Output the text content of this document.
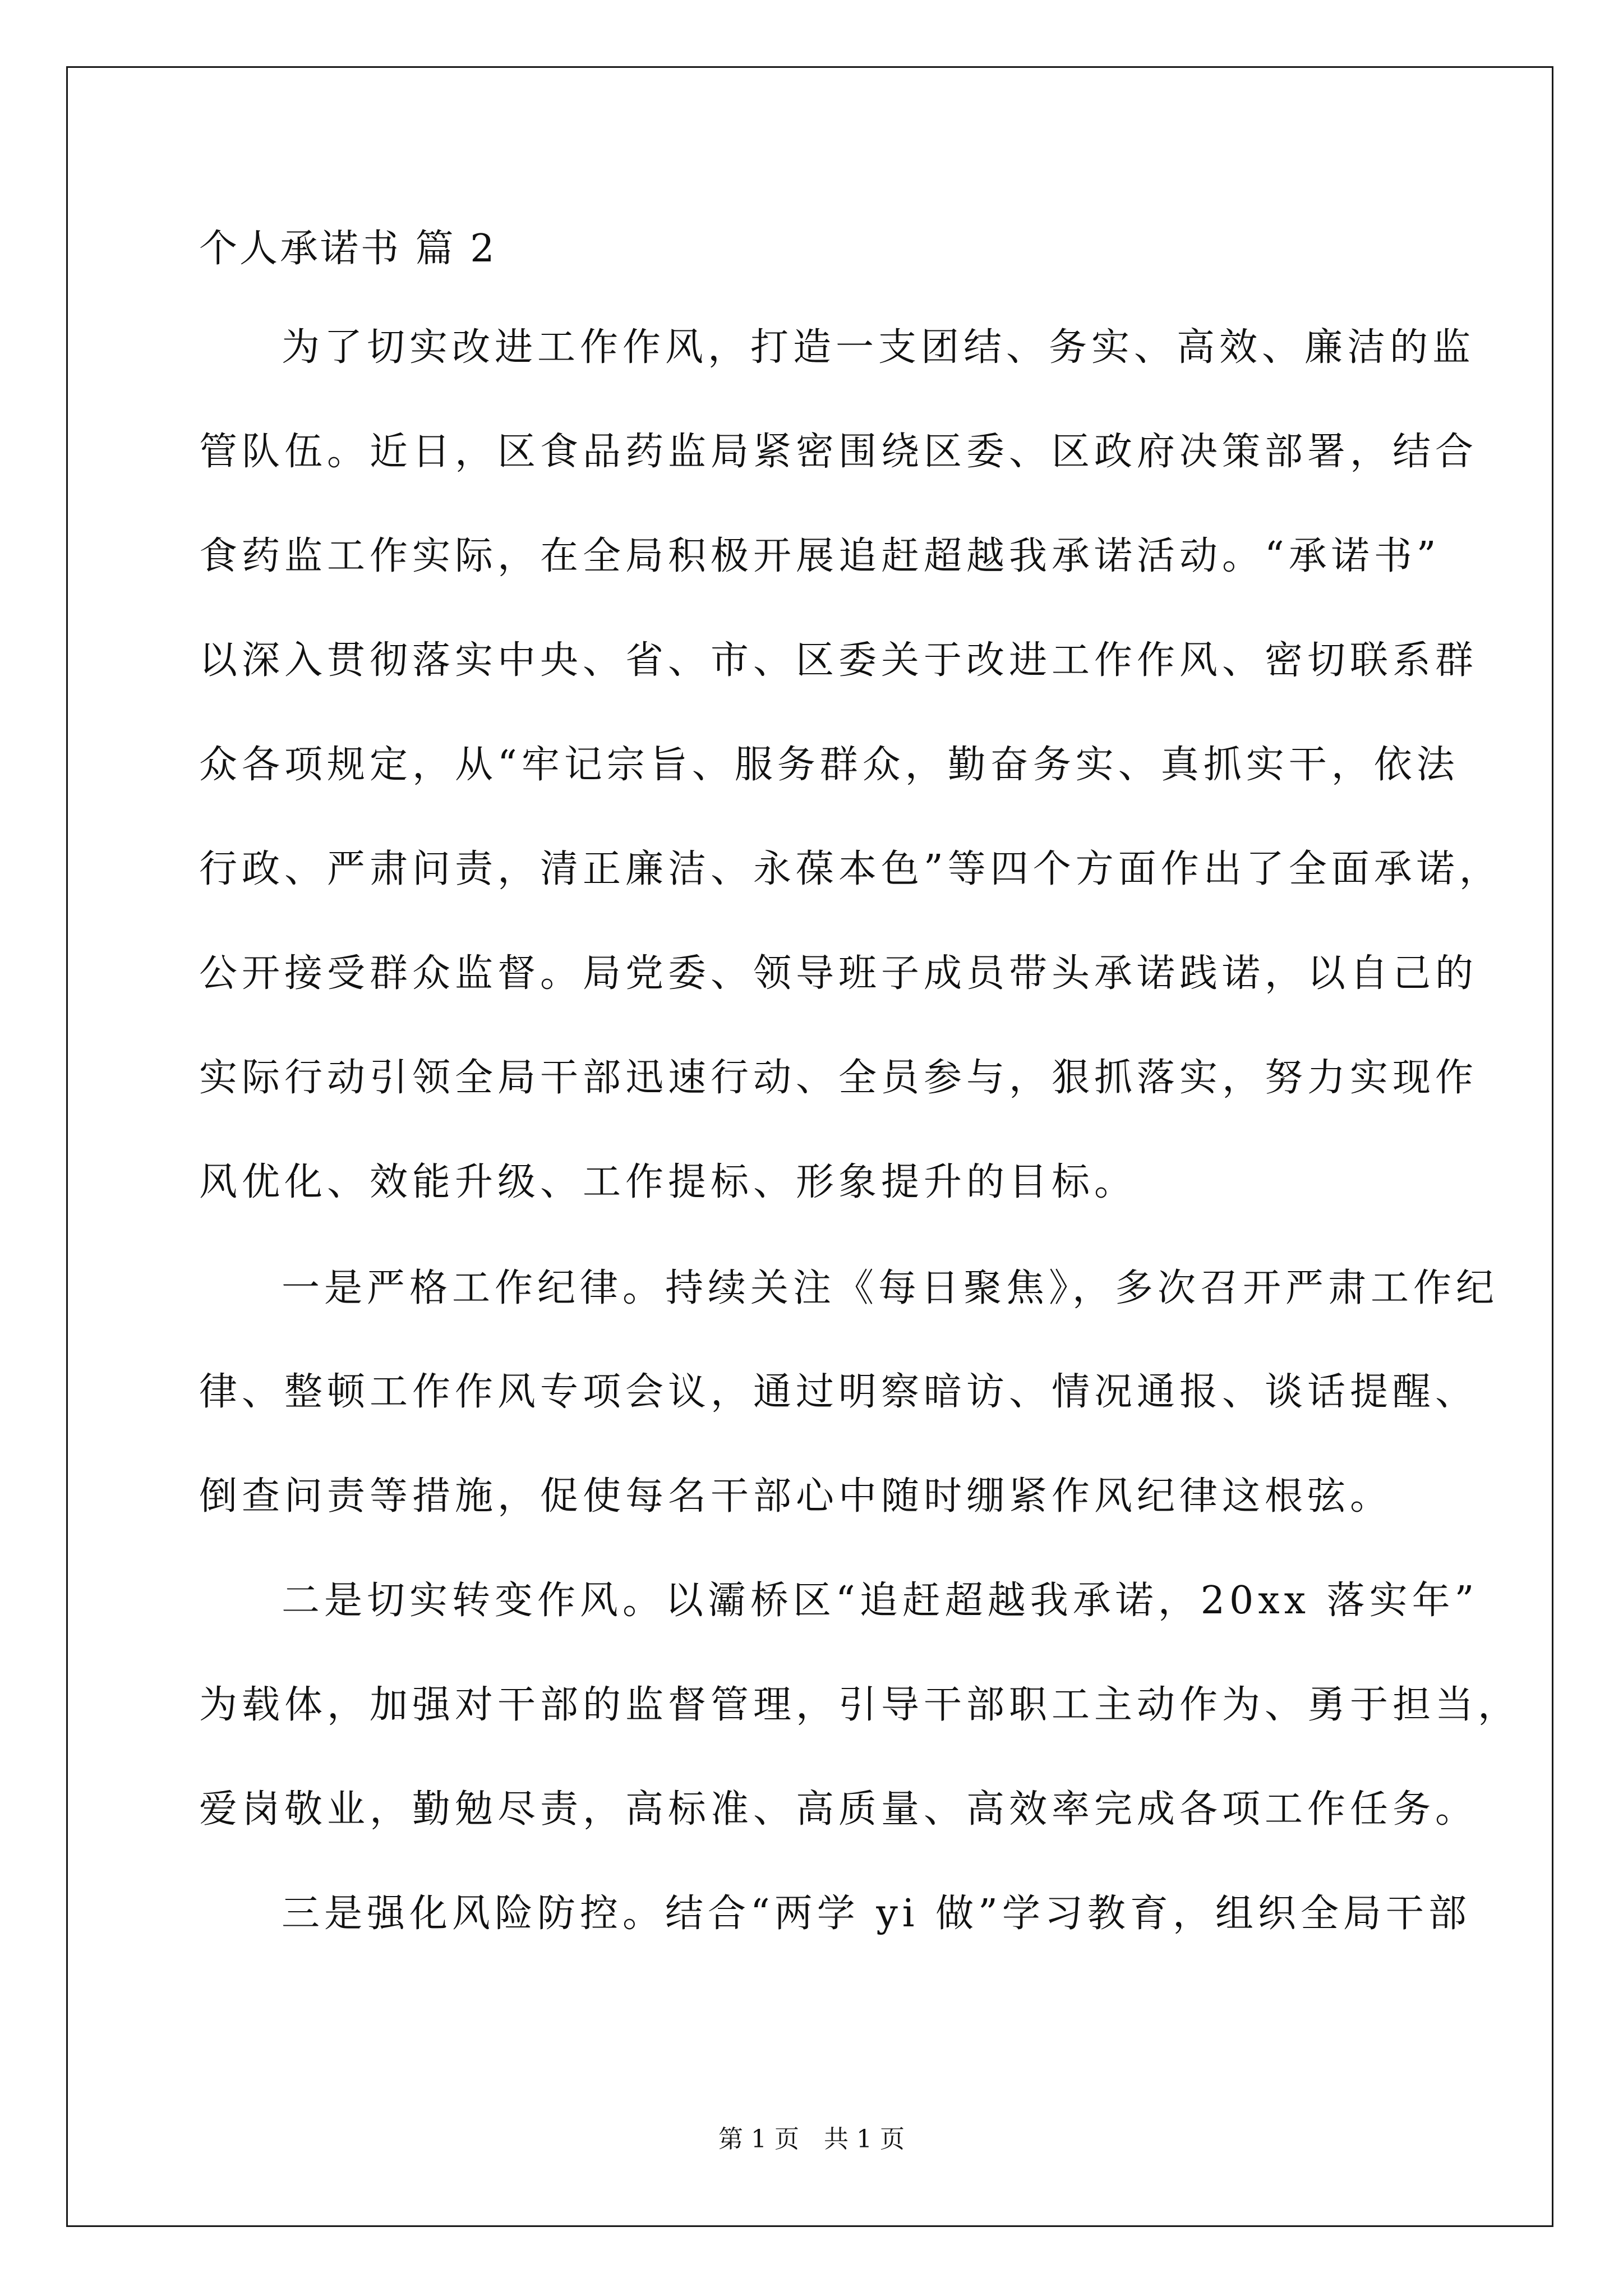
个人承诺书 篇 2
为了切实改进工作作风，打造一支团结、务实、高效、廉洁的监
管队伍。近日，区食品药监局紧密围绕区委、区政府决策部署，结合
食药监工作实际，在全局积极开展追赶超越我承诺活动。“承诺书”
以深入贯彻落实中央、省、市、区委关于改进工作作风、密切联系群
众各项规定，从“牢记宗旨、服务群众，勤奋务实、真抓实干，依法
行政、严肃问责，清正廉洁、永葆本色”等四个方面作出了全面承诺，
公开接受群众监督。局党委、领导班子成员带头承诺践诺，以自己的
实际行动引领全局干部迅速行动、全员参与，狠抓落实，努力实现作
风优化、效能升级、工作提标、形象提升的目标。
一是严格工作纪律。持续关注《每日聚焦》，多次召开严肃工作纪
律、整顿工作作风专项会议，通过明察暗访、情况通报、谈话提醒、
倒查问责等措施，促使每名干部心中随时绷紧作风纪律这根弦。
二是切实转变作风。以灞桥区“追赶超越我承诺，20xx 落实年”
为载体，加强对干部的监督管理，引导干部职工主动作为、勇于担当，
爱岗敬业，勤勉尽责，高标准、高质量、高效率完成各项工作任务。
三是强化风险防控。结合“两学 yi 做”学习教育，组织全局干部
第 1 页　共 1 页
